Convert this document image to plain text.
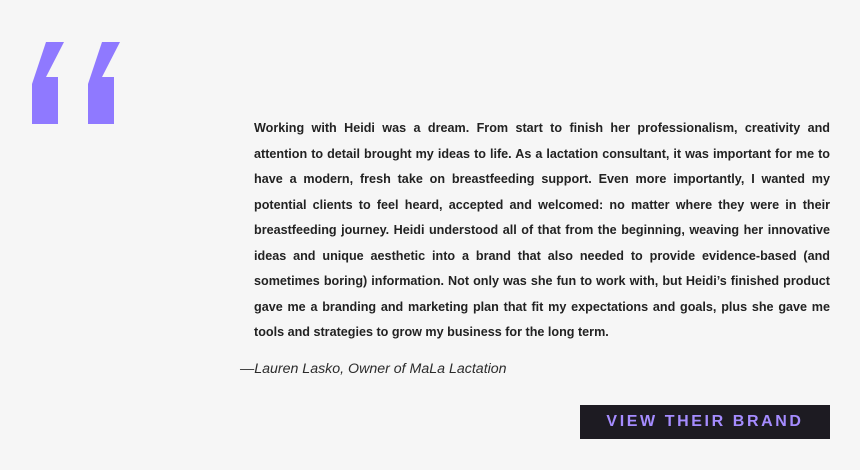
Working with Heidi was a dream. From start to finish her professionalism, creativity and attention to detail brought my ideas to life. As a lactation consultant, it was important for me to have a modern, fresh take on breastfeeding support. Even more importantly, I wanted my potential clients to feel heard, accepted and welcomed: no matter where they were in their breastfeeding journey. Heidi understood all of that from the beginning, weaving her innovative ideas and unique aesthetic into a brand that also needed to provide evidence-based (and sometimes boring) information. Not only was she fun to work with, but Heidi’s finished product gave me a branding and marketing plan that fit my expectations and goals, plus she gave me tools and strategies to grow my business for the long term.

—Lauren Lasko, Owner of MaLa Lactation
VIEW THEIR BRAND
